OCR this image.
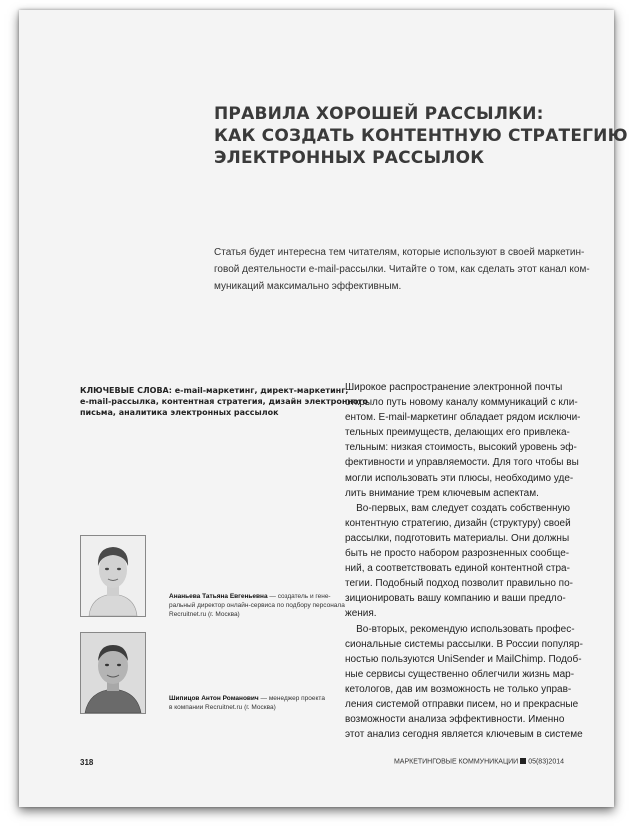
ПРАВИЛА ХОРОШЕЙ РАССЫЛКИ:
КАК СОЗДАТЬ КОНТЕНТНУЮ СТРАТЕГИЮ
ЭЛЕКТРОННЫХ РАССЫЛОК
Статья будет интересна тем читателям, которые используют в своей маркетин-
говой деятельности e-mail-рассылки. Читайте о том, как сделать этот канал ком-
муникаций максимально эффективным.
КЛЮЧЕВЫЕ СЛОВА: e-mail-маркетинг, директ-маркетинг,
e-mail-рассылка, контентная стратегия, дизайн электронного
письма, аналитика электронных рассылок
Ананьева Татьяна Евгеньевна — создатель и гене-
ральный директор онлайн-сервиса по подбору персонала
Recruitnet.ru (г. Москва)
Шипицов Антон Романович — менеджер проекта
в компании Recruitnet.ru (г. Москва)
Широкое распространение электронной почты
открыло путь новому каналу коммуникаций с кли-
ентом. E-mail-маркетинг обладает рядом исключи-
тельных преимуществ, делающих его привлека-
тельным: низкая стоимость, высокий уровень эф-
фективности и управляемости. Для того чтобы вы
могли использовать эти плюсы, необходимо уде-
лить внимание трем ключевым аспектам.
Во-первых, вам следует создать собственную
контентную стратегию, дизайн (структуру) своей
рассылки, подготовить материалы. Они должны
быть не просто набором разрозненных сообще-
ний, а соответствовать единой контентной стра-
тегии. Подобный подход позволит правильно по-
зиционировать вашу компанию и ваши предло-
жения.
Во-вторых, рекомендую использовать профес-
сиональные системы рассылки. В России популяр-
ностью пользуются UniSender и MailChimp. Подоб-
ные сервисы существенно облегчили жизнь мар-
кетологов, дав им возможность не только управ-
ления системой отправки писем, но и прекрасные
возможности анализа эффективности. Именно
этот анализ сегодня является ключевым в системе
318	МАРКЕТИНГОВЫЕ КОММУНИКАЦИИ 05(83)2014
